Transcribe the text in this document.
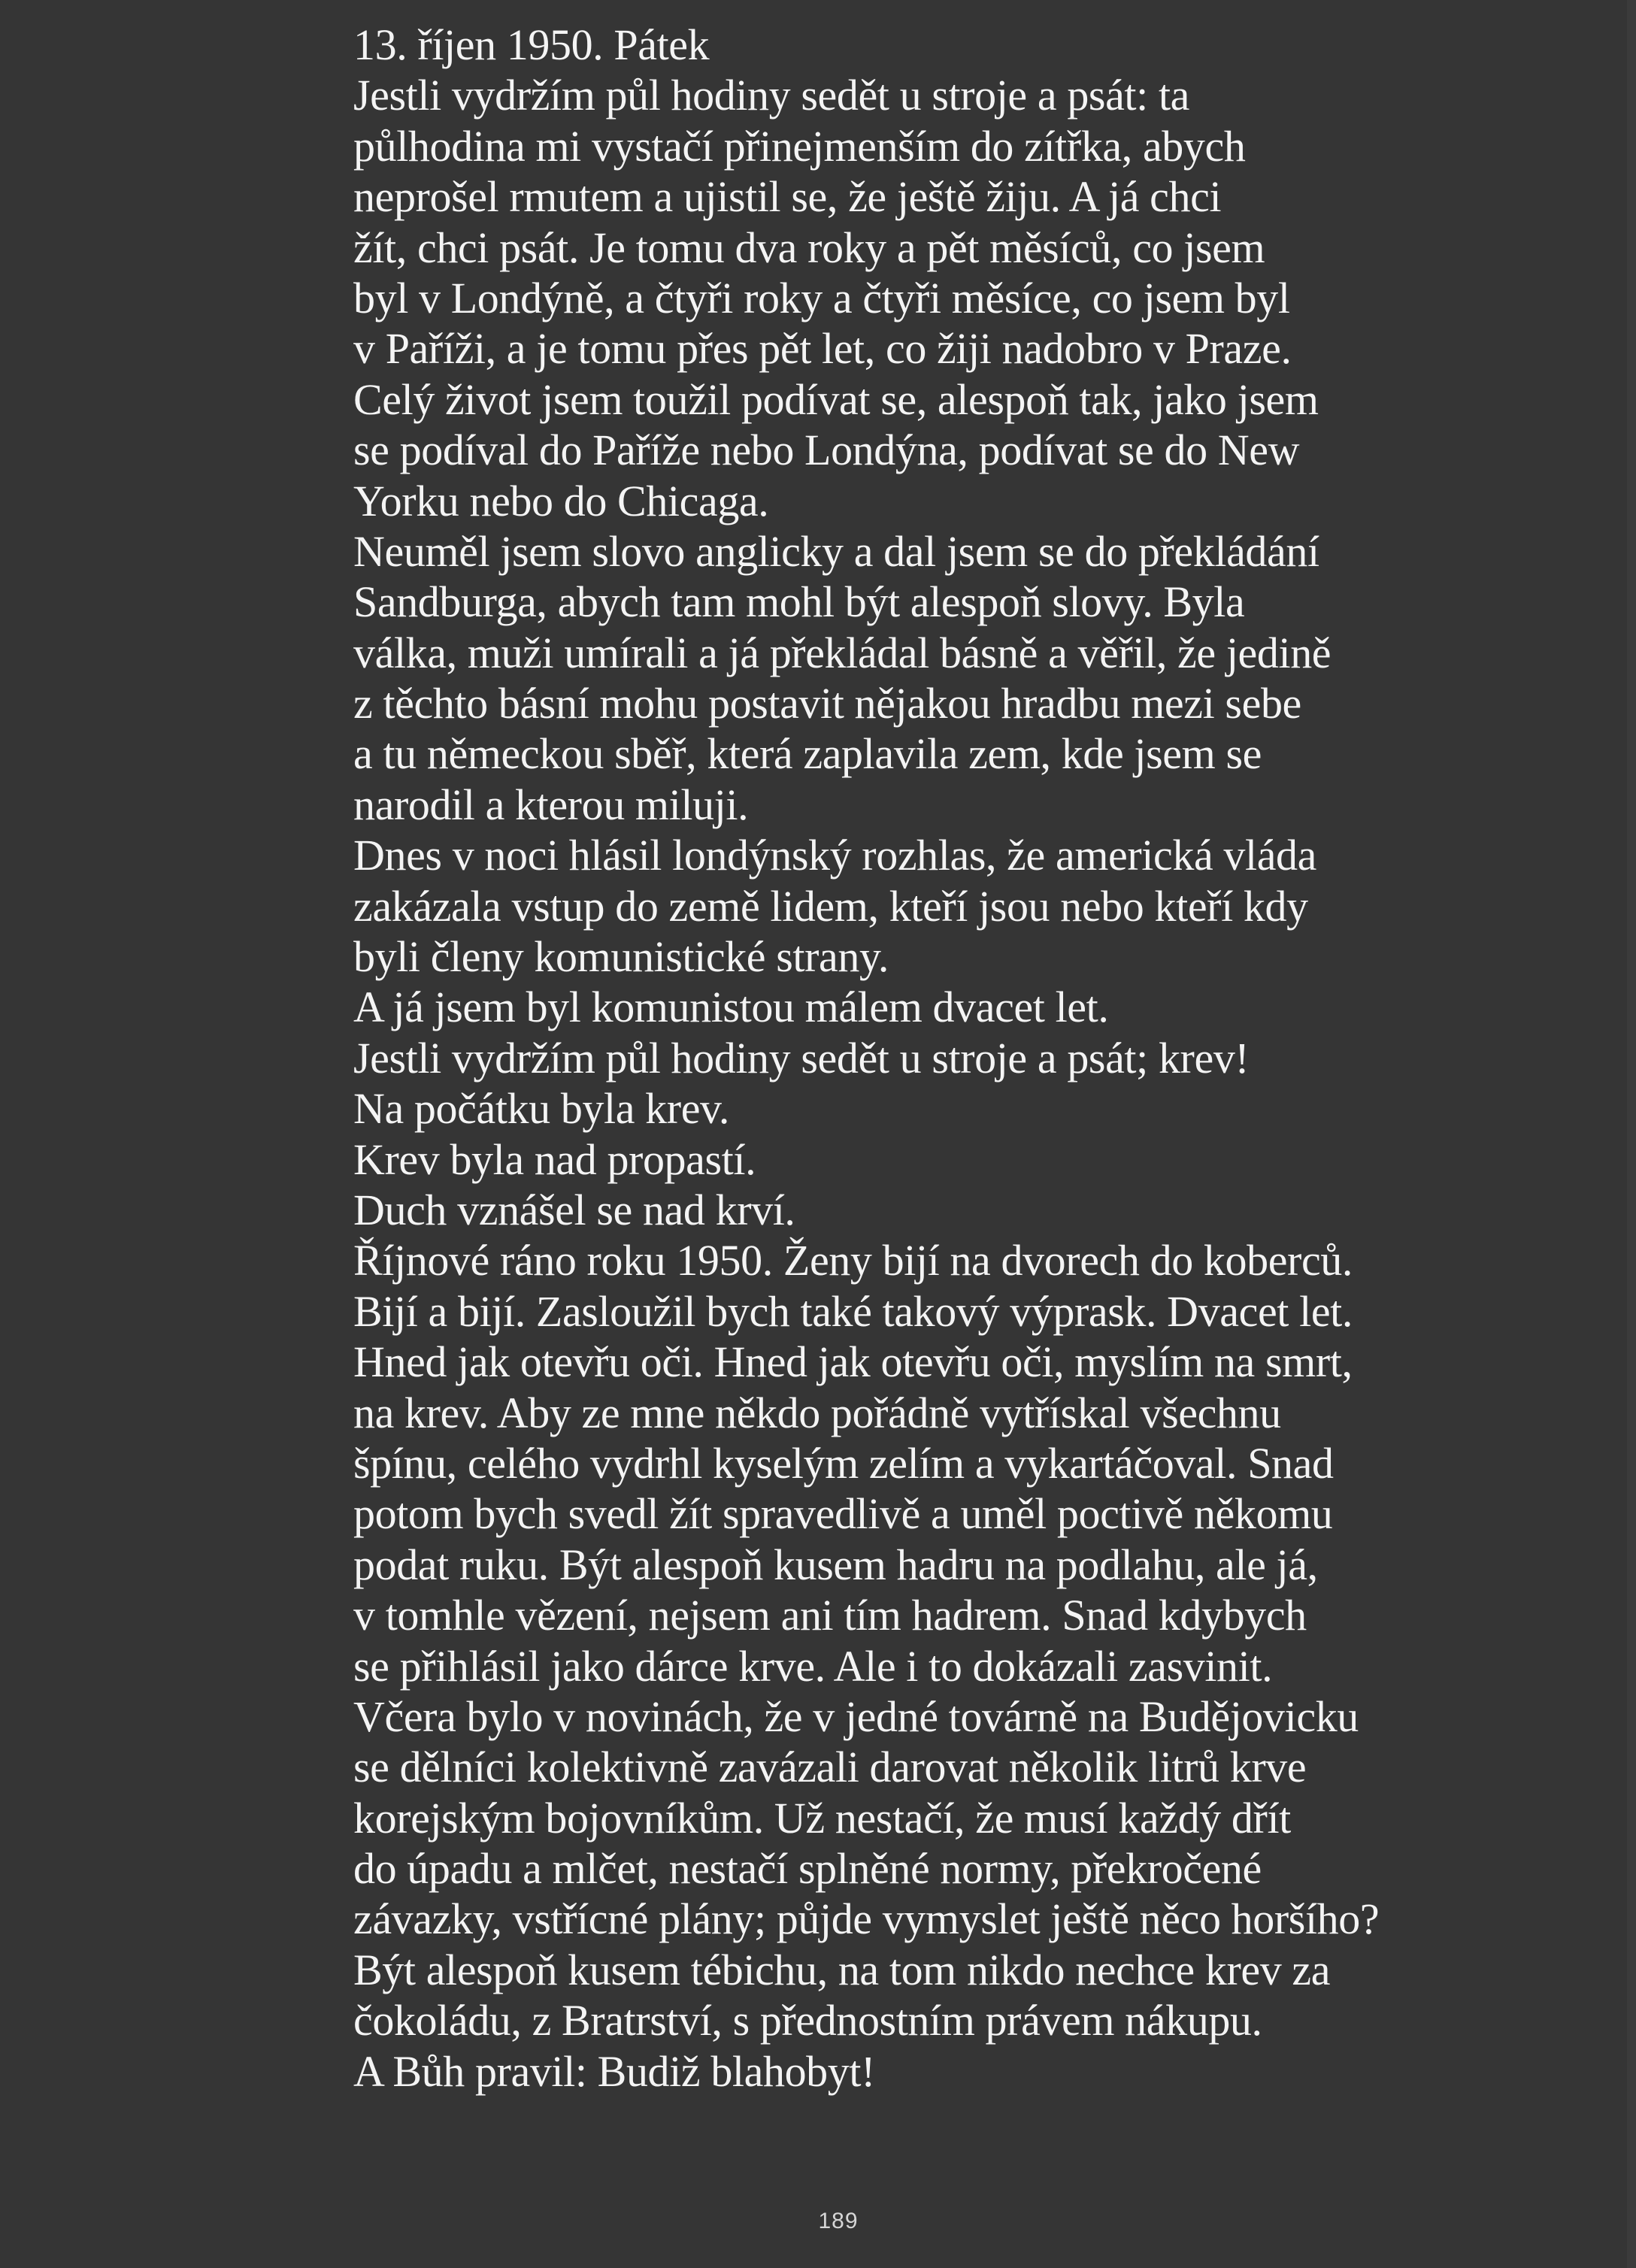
13. říjen 1950. Pátek
Jestli vydržím půl hodiny sedět u stroje a psát: ta
půlhodina mi vystačí přinejmenším do zítřka, abych
neprošel rmutem a ujistil se, že ještě žiju. A já chci
žít, chci psát. Je tomu dva roky a pět měsíců, co jsem
byl v Londýně, a čtyři roky a čtyři měsíce, co jsem byl
v Paříži, a je tomu přes pět let, co žiji nadobro v Praze.
Celý život jsem toužil podívat se, alespoň tak, jako jsem
se podíval do Paříže nebo Londýna, podívat se do New
Yorku nebo do Chicaga.
Neuměl jsem slovo anglicky a dal jsem se do překládání
Sandburga, abych tam mohl být alespoň slovy. Byla
válka, muži umírali a já překládal básně a věřil, že jedině
z těchto básní mohu postavit nějakou hradbu mezi sebe
a tu německou sběř, která zaplavila zem, kde jsem se
narodil a kterou miluji.
Dnes v noci hlásil londýnský rozhlas, že americká vláda
zakázala vstup do země lidem, kteří jsou nebo kteří kdy
byli členy komunistické strany.
A já jsem byl komunistou málem dvacet let.
Jestli vydržím půl hodiny sedět u stroje a psát; krev!
Na počátku byla krev.
Krev byla nad propastí.
Duch vznášel se nad krví.
Říjnové ráno roku 1950. Ženy bijí na dvorech do koberců.
Bijí a bijí. Zasloužil bych také takový výprask. Dvacet let.
Hned jak otevřu oči. Hned jak otevřu oči, myslím na smrt,
na krev. Aby ze mne někdo pořádně vytřískal všechnu
špínu, celého vydrhl kyselým zelím a vykartáčoval. Snad
potom bych svedl žít spravedlivě a uměl poctivě někomu
podat ruku. Být alespoň kusem hadru na podlahu, ale já,
v tomhle vězení, nejsem ani tím hadrem. Snad kdybych
se přihlásil jako dárce krve. Ale i to dokázali zasvinit.
Včera bylo v novinách, že v jedné továrně na Budějovicku
se dělníci kolektivně zavázali darovat několik litrů krve
korejským bojovníkům. Už nestačí, že musí každý dřít
do úpadu a mlčet, nestačí splněné normy, překročené
závazky, vstřícné plány; půjde vymyslet ještě něco horšího?
Být alespoň kusem tébichu, na tom nikdo nechce krev za
čokoládu, z Bratrství, s přednostním právem nákupu.
A Bůh pravil: Budiž blahobyt!
189
